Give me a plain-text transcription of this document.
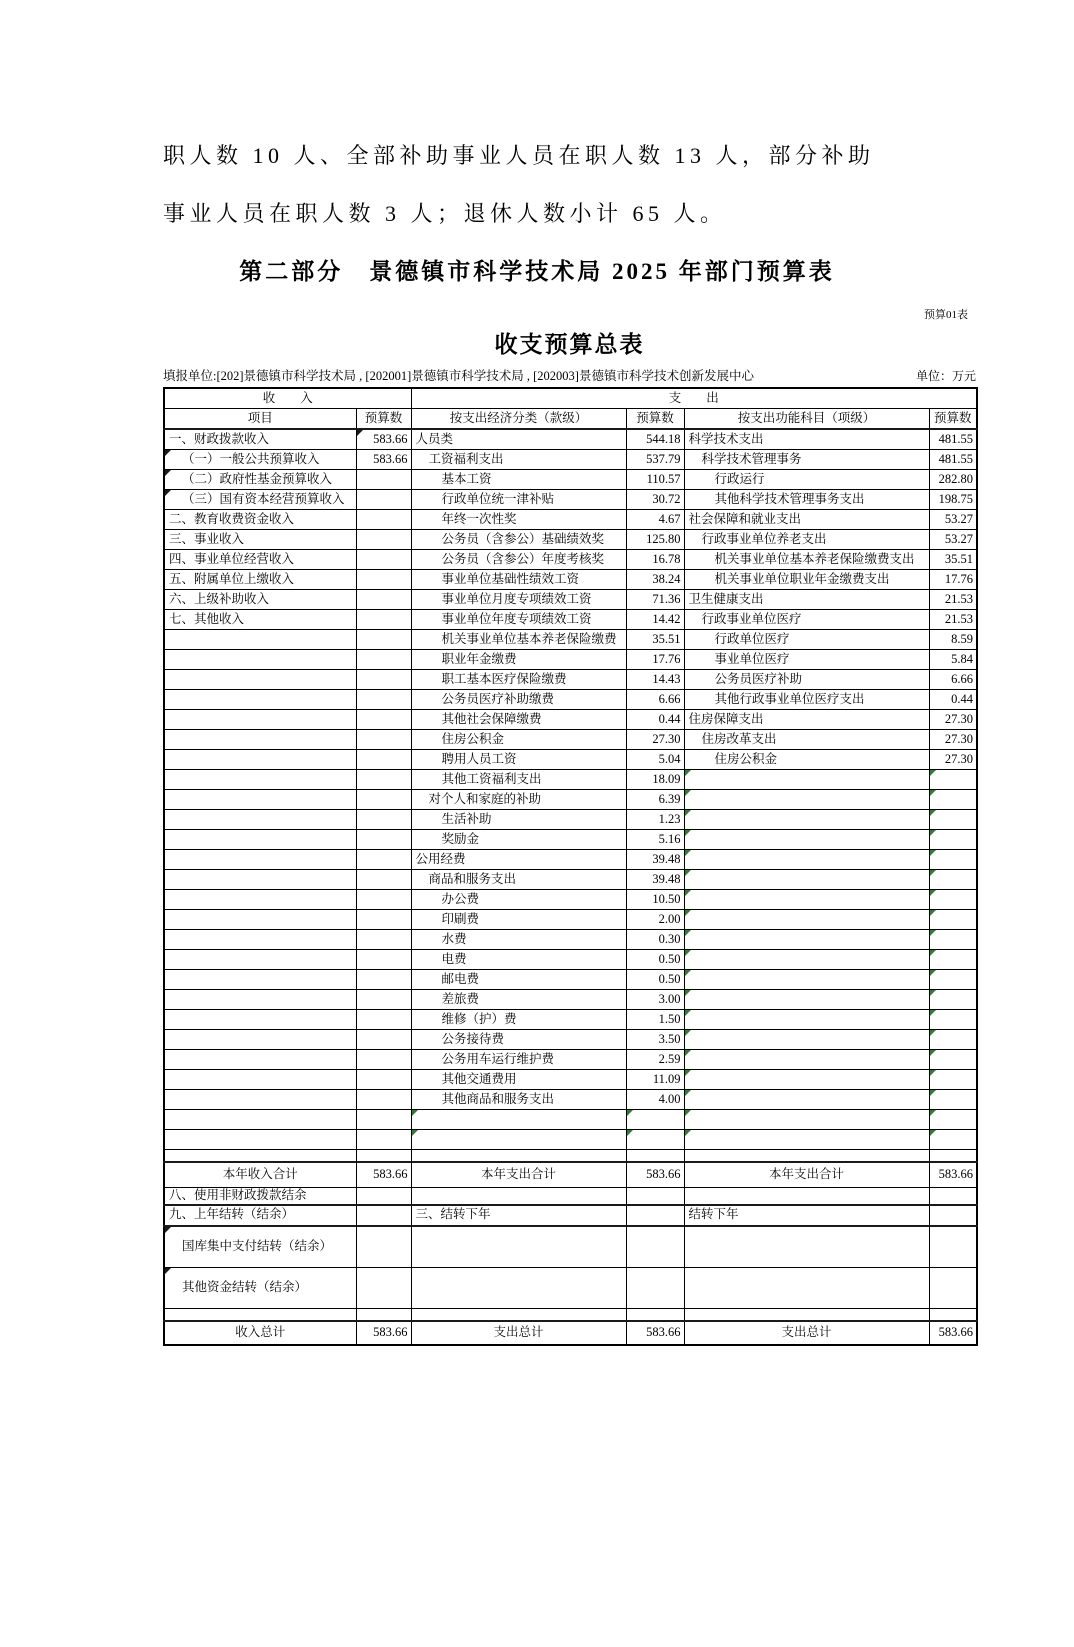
职人数 10 人、全部补助事业人员在职人数 13 人，部分补助
事业人员在职人数 3 人；退休人数小计 65 人。
第二部分　景德镇市科学技术局 2025 年部门预算表
预算01表
收支预算总表
填报单位:[202]景德镇市科学技术局 , [202001]景德镇市科学技术局 , [202003]景德镇市科学技术创新发展中心	单位：万元
收　　入		支　　出			
项目	预算数	按支出经济分类（款级）	预算数	按支出功能科目（项级）	预算数
一、财政拨款收入	583.66	人员类	544.18	科学技术支出	481.55
（一）一般公共预算收入	583.66	工资福利支出	537.79	科学技术管理事务	481.55
（二）政府性基金预算收入		基本工资	110.57	行政运行	282.80
（三）国有资本经营预算收入		行政单位统一津补贴	30.72	其他科学技术管理事务支出	198.75
二、教育收费资金收入		年终一次性奖	4.67	社会保障和就业支出	53.27
三、事业收入		公务员（含参公）基础绩效奖	125.80	行政事业单位养老支出	53.27
四、事业单位经营收入		公务员（含参公）年度考核奖	16.78	机关事业单位基本养老保险缴费支出	35.51
五、附属单位上缴收入		事业单位基础性绩效工资	38.24	机关事业单位职业年金缴费支出	17.76
六、上级补助收入		事业单位月度专项绩效工资	71.36	卫生健康支出	21.53
七、其他收入		事业单位年度专项绩效工资	14.42	行政事业单位医疗	21.53
		机关事业单位基本养老保险缴费	35.51	行政单位医疗	8.59
		职业年金缴费	17.76	事业单位医疗	5.84
		职工基本医疗保险缴费	14.43	公务员医疗补助	6.66
		公务员医疗补助缴费	6.66	其他行政事业单位医疗支出	0.44
		其他社会保障缴费	0.44	住房保障支出	27.30
		住房公积金	27.30	住房改革支出	27.30
		聘用人员工资	5.04	住房公积金	27.30
		其他工资福利支出	18.09	

		对个人和家庭的补助	6.39	

		生活补助	1.23	

		奖励金	5.16	

		公用经费	39.48	

		商品和服务支出	39.48	

		办公费	10.50	

		印刷费	2.00	

		水费	0.30	

		电费	0.50	

		邮电费	0.50	

		差旅费	3.00	

		维修（护）费	1.50	

		公务接待费	3.50	

		公务用车运行维护费	2.59	

		其他交通费用	11.09	

		其他商品和服务支出	4.00	

本年收入合计	583.66	本年支出合计	583.66	本年支出合计	583.66
八、使用非财政拨款结余					
九、上年结转（结余）		三、结转下年		结转下年	
国库集中支付结转（结余）

其他资金结转（结余）

收入总计	583.66	支出总计	583.66	支出总计	583.66
